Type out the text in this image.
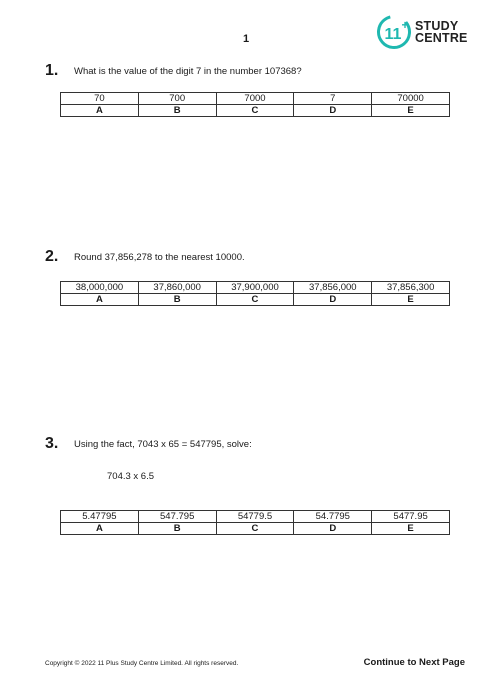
1	11
+ STUDY
CENTRE
1. What is the value of the digit 7 in the number 107368?
70	700	7000	7	70000
A	B	C	D	E
2. Round 37,856,278 to the nearest 10000.
38,000,000	37,860,000	37,900,000	37,856,000	37,856,300
A	B	C	D	E
3. Using the fact, 7043 x 65 = 547795, solve:
704.3 x 6.5
5.47795	547.795	54779.5	54.7795	5477.95
A	B	C	D	E
Copyright © 2022 11 Plus Study Centre Limited. All rights reserved.	Continue to Next Page
